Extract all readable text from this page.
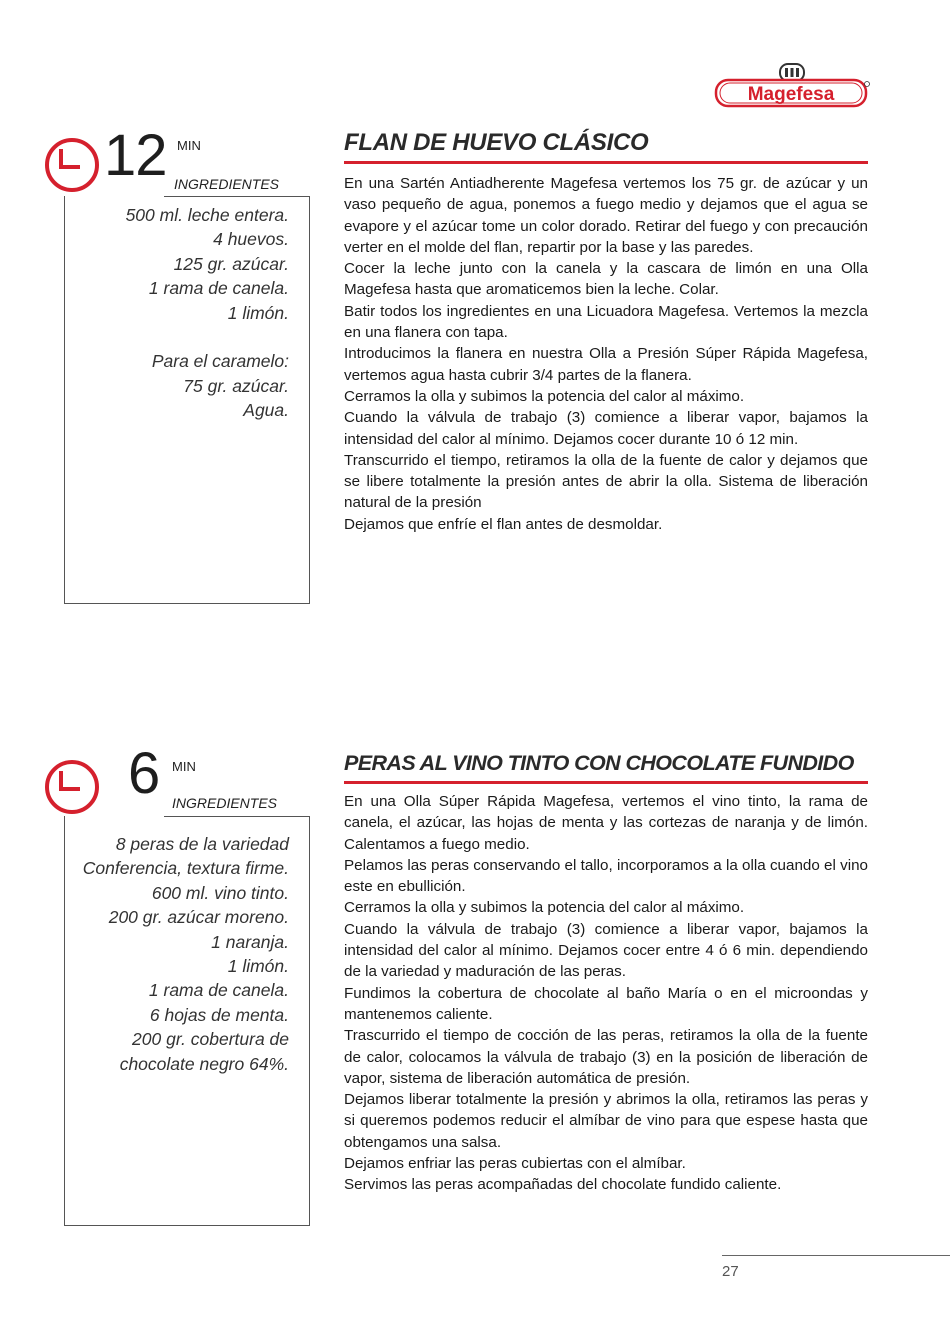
Magefesa
12 MIN
INGREDIENTES
500 ml. leche entera.
4 huevos.
125 gr. azúcar.
1 rama de canela.
1 limón.
Para el caramelo:
75 gr. azúcar.
Agua.
FLAN DE HUEVO CLÁSICO

En una Sartén Antiadherente Magefesa vertemos los 75 gr. de azúcar y un vaso pequeño de agua, ponemos a fuego medio y dejamos que el agua se evapore y el azúcar tome un color dorado. Retirar del fuego y con precaución verter en el molde del flan, repartir por la base y las paredes.

Cocer la leche junto con la canela y la cascara de limón en una Olla Magefesa hasta que aromaticemos bien la leche. Colar.

Batir todos los ingredientes en una Licuadora Magefesa. Vertemos la mezcla en una flanera con tapa.

Introducimos la flanera en nuestra Olla a Presión Súper Rápida Magefesa, vertemos agua hasta cubrir 3/4 partes de la flanera.

Cerramos la olla y subimos la potencia del calor al máximo.

Cuando la válvula de trabajo (3) comience a liberar vapor, bajamos la intensidad del calor al mínimo. Dejamos cocer durante 10 ó 12 min.

Transcurrido el tiempo, retiramos la olla de la fuente de calor y dejamos que se libere totalmente la presión antes de abrir la olla. Sistema de liberación natural de la presión

Dejamos que enfríe el flan antes de desmoldar.

6 MIN
INGREDIENTES
8 peras de la variedad
Conferencia, textura firme.
600 ml. vino tinto.
200 gr. azúcar moreno.
1 naranja.
1 limón.
1 rama de canela.
6 hojas de menta.
200 gr. cobertura de
chocolate negro 64%.
PERAS AL VINO TINTO CON CHOCOLATE FUNDIDO

En una Olla Súper Rápida Magefesa, vertemos el vino tinto, la rama de canela, el azúcar, las hojas de menta y las cortezas de naranja y de limón. Calentamos a fuego medio.

Pelamos las peras conservando el tallo, incorporamos a la olla cuando el vino este en ebullición.

Cerramos la olla y subimos la potencia del calor al máximo.

Cuando la válvula de trabajo (3) comience a liberar vapor, bajamos la intensidad del calor al mínimo. Dejamos cocer entre 4 ó 6 min. dependiendo de la variedad y maduración de las peras.

Fundimos la cobertura de chocolate al baño María o en el microondas y mantenemos caliente.

Trascurrido el tiempo de cocción de las peras, retiramos la olla de la fuente de calor, colocamos la válvula de trabajo (3) en la posición de liberación de vapor, sistema de liberación automática de presión.

Dejamos liberar totalmente la presión y abrimos la olla, retiramos las peras y si queremos podemos reducir el almíbar de vino para que espese hasta que obtengamos una salsa.

Dejamos enfriar las peras cubiertas con el almíbar.

Servimos las peras acompañadas del chocolate fundido caliente.

27
